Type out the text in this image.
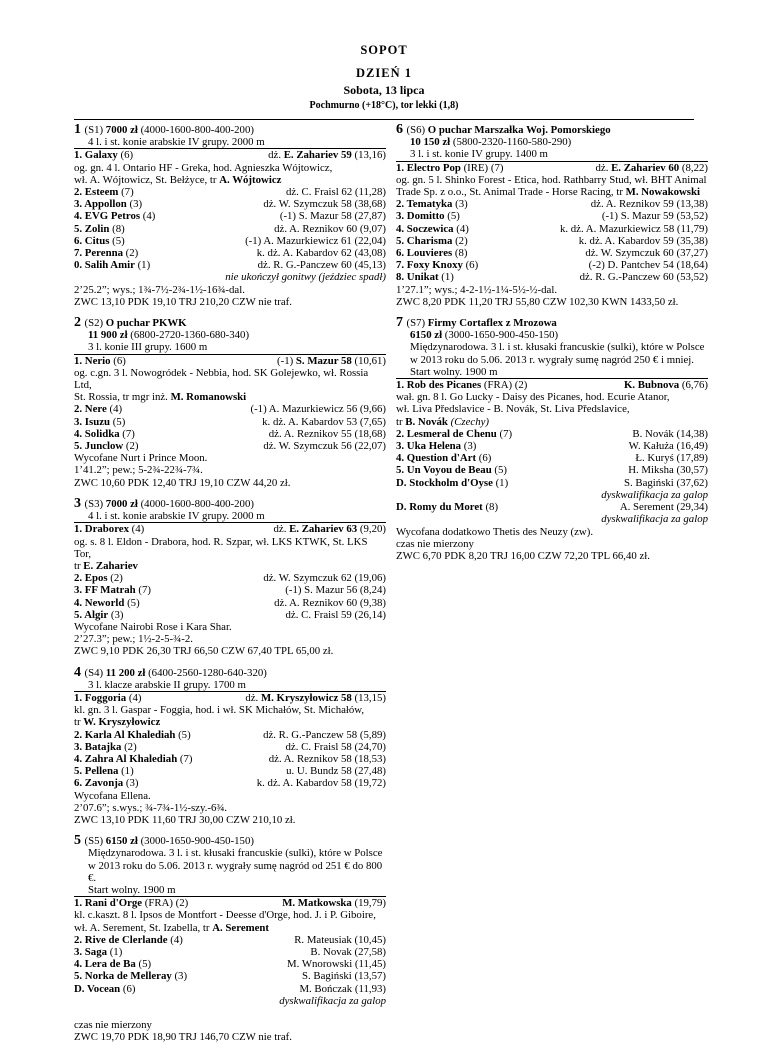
SOPOT
DZIEŃ 1
Sobota, 13 lipca
Pochmurno (+18°C), tor lekki (1,8)
1 (S1) 7000 zł (4000-1600-800-400-200)
4 l. i st. konie arabskie IV grupy. 2000 m
1. Galaxy (6)	dż. E. Zahariev 59 (13,16)
og. gn. 4 l. Ontario HF - Greka, hod. Agnieszka Wójtowicz,
wł. A. Wójtowicz, St. Bełżyce, tr A. Wójtowicz
2. Esteem (7)	dż. C. Fraisl 62 (11,28)
3. Appollon (3)	dż. W. Szymczuk 58 (38,68)
4. EVG Petros (4)	(-1) S. Mazur 58 (27,87)
5. Zolin (8)	dż. A. Reznikov 60 (9,07)
6. Citus (5)	(-1) A. Mazurkiewicz 61 (22,04)
7. Perenna (2)	k. dż. A. Kabardov 62 (43,08)
0. Salih Amir (1)	dż. R. G.-Panczew 60 (45,13)
nie ukończył gonitwy (jeździec spadł)
2’25.2”; wys.; 1¾-7½-2¾-1½-16¾-dal.
ZWC 13,10 PDK 19,10 TRJ 210,20 CZW nie traf.
2 (S2) O puchar PKWK
11 900 zł (6800-2720-1360-680-340)
3 l. konie III grupy. 1600 m
1. Nerio (6)	(-1) S. Mazur 58 (10,61)
og. c.gn. 3 l. Nowogródek - Nebbia, hod. SK Golejewko, wł. Rossia Ltd,
St. Rossia, tr mgr inż. M. Romanowski
2. Nere (4)	(-1) A. Mazurkiewicz 56 (9,66)
3. Isuzu (5)	k. dż. A. Kabardov 53 (7,65)
4. Solidka (7)	dż. A. Reznikov 55 (18,68)
5. Junclow (2)	dż. W. Szymczuk 56 (22,07)
Wycofane Nurt i Prince Moon.
1’41.2”; pew.; 5-2¾-22¾-7¾.
ZWC 10,60 PDK 12,40 TRJ 19,10 CZW 44,20 zł.
3 (S3) 7000 zł (4000-1600-800-400-200)
4 l. i st. konie arabskie IV grupy. 2000 m
1. Draborex (4)	dż. E. Zahariev 63 (9,20)
og. s. 8 l. Eldon - Drabora, hod. R. Szpar, wł. LKS KTWK, St. LKS Tor,
tr E. Zahariev
2. Epos (2)	dż. W. Szymczuk 62 (19,06)
3. FF Matrah (7)	(-1) S. Mazur 56 (8,24)
4. Neworld (5)	dż. A. Reznikov 60 (9,38)
5. Algir (3)	dż. C. Fraisl 59 (26,14)
Wycofane Nairobi Rose i Kara Shar.
2’27.3”; pew.; 1½-2-5-¾-2.
ZWC 9,10 PDK 26,30 TRJ 66,50 CZW 67,40 TPL 65,00 zł.
4 (S4) 11 200 zł (6400-2560-1280-640-320)
3 l. klacze arabskie II grupy. 1700 m
1. Foggoria (4)	dż. M. Kryszyłowicz 58 (13,15)
kl. gn. 3 l. Gaspar - Foggia, hod. i wł. SK Michałów, St. Michałów,
tr W. Kryszyłowicz
2. Karla Al Khalediah (5)	dż. R. G.-Panczew 58 (5,89)
3. Batajka (2)	dż. C. Fraisl 58 (24,70)
4. Zahra Al Khalediah (7)	dż. A. Reznikov 58 (18,53)
5. Pellena (1)	u. U. Bundz 58 (27,48)
6. Zavonja (3)	k. dż. A. Kabardov 58 (19,72)
Wycofana Ellena.
2’07.6”; s.wys.; ¾-7¾-1½-szy.-6¾.
ZWC 13,10 PDK 11,60 TRJ 30,00 CZW 210,10 zł.
5 (S5) 6150 zł (3000-1650-900-450-150)
Międzynarodowa. 3 l. i st. kłusaki francuskie (sulki), które w Polsce
w 2013 roku do 5.06. 2013 r. wygrały sumę nagród od 251 € do 800 €.
Start wolny. 1900 m
1. Rani d'Orge (FRA) (2)	M. Matkowska (19,79)
kl. c.kaszt. 8 l. Ipsos de Montfort - Deesse d'Orge, hod. J. i P. Giboire,
wł. A. Serement, St. Izabella, tr A. Serement
2. Rive de Clerlande (4)	R. Mateusiak (10,45)
3. Saga (1)	B. Novak (27,58)
4. Lera de Ba (5)	M. Wnorowski (11,45)
5. Norka de Melleray (3)	S. Bagiński (13,57)
D. Vocean (6)	M. Bończak (11,93)
dyskwalifikacja za galop

czas nie mierzony
ZWC 19,70 PDK 18,90 TRJ 146,70 CZW nie traf.
6 (S6) O puchar Marszałka Woj. Pomorskiego
10 150 zł (5800-2320-1160-580-290)
3 l. i st. konie IV grupy. 1400 m
1. Electro Pop (IRE) (7)	dż. E. Zahariev 60 (8,22)
og. gn. 5 l. Shinko Forest - Etica, hod. Rathbarry Stud, wł. BHT Animal
Trade Sp. z o.o., St. Animal Trade - Horse Racing, tr M. Nowakowski
2. Tematyka (3)	dż. A. Reznikov 59 (13,38)
3. Domitto (5)	(-1) S. Mazur 59 (53,52)
4. Soczewica (4)	k. dż. A. Mazurkiewicz 58 (11,79)
5. Charisma (2)	k. dż. A. Kabardov 59 (35,38)
6. Louvieres (8)	dż. W. Szymczuk 60 (37,27)
7. Foxy Knoxy (6)	(-2) D. Pantchev 54 (18,64)
8. Unikat (1)	dż. R. G.-Panczew 60 (53,52)
1’27.1”; wys.; 4-2-1½-1¼-5½-½-dal.
ZWC 8,20 PDK 11,20 TRJ 55,80 CZW 102,30 KWN 1433,50 zł.
7 (S7) Firmy Cortaflex z Mrozowa
6150 zł (3000-1650-900-450-150)
Międzynarodowa. 3 l. i st. kłusaki francuskie (sulki), które w Polsce
w 2013 roku do 5.06. 2013 r. wygrały sumę nagród 250 € i mniej.
Start wolny. 1900 m
1. Rob des Picanes (FRA) (2)	K. Bubnova (6,76)
wał. gn. 8 l. Go Lucky - Daisy des Picanes, hod. Ecurie Atanor,
wł. Liva Předslavice - B. Novák, St. Liva Předslavice,
tr B. Novák (Czechy)
2. Lesmeral de Chenu (7)	B. Novák (14,38)
3. Uka Helena (3)	W. Kałuża (16,49)
4. Question d'Art (6)	Ł. Kuryś (17,89)
5. Un Voyou de Beau (5)	H. Miksha (30,57)
D. Stockholm d'Oyse (1)	S. Bagiński (37,62)
dyskwalifikacja za galop
D. Romy du Moret (8)	A. Serement (29,34)
dyskwalifikacja za galop
Wycofana dodatkowo Thetis des Neuzy (zw).
czas nie mierzony
ZWC 6,70 PDK 8,20 TRJ 16,00 CZW 72,20 TPL 66,40 zł.
